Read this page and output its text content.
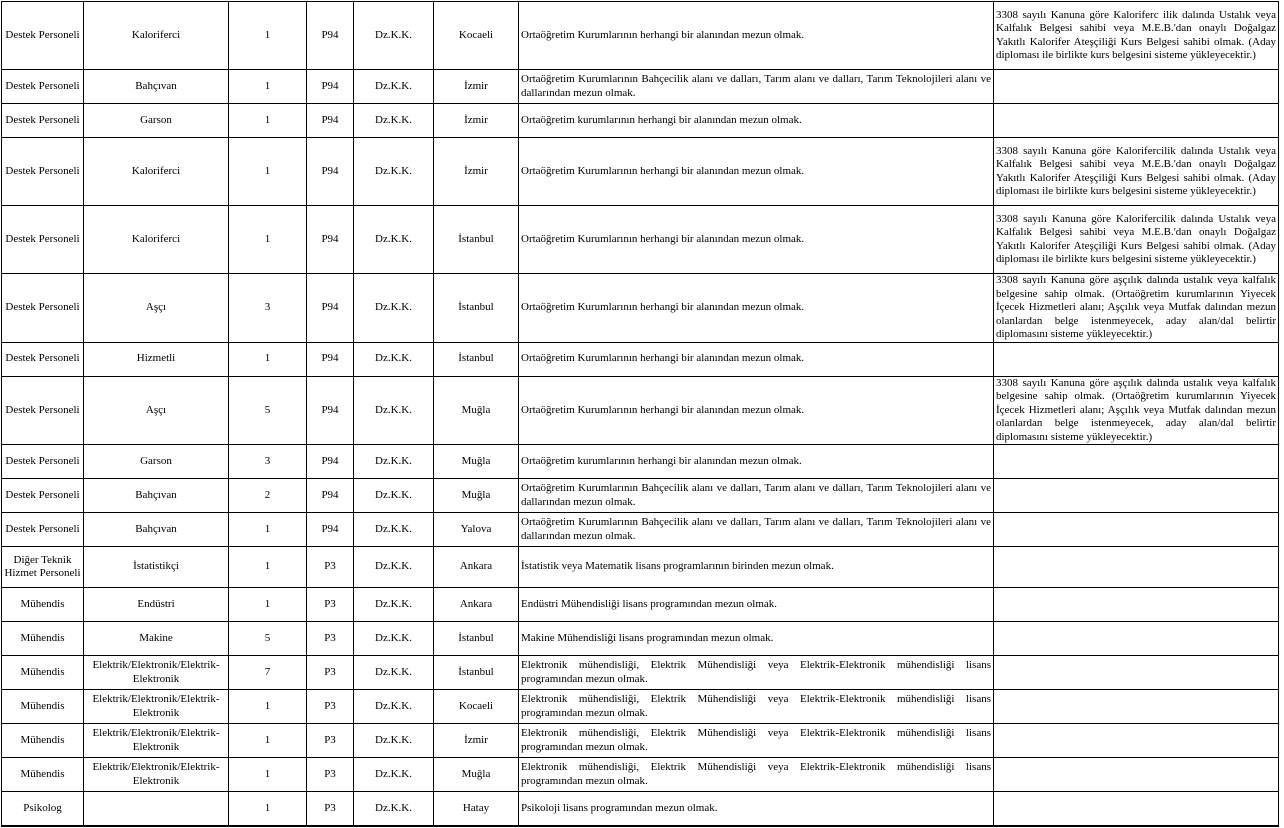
Destek Personeli	Kaloriferci	1	P94	Dz.K.K.	Kocaeli	Ortaöğretim Kurumlarının herhangi bir alanından mezun olmak.	3308 sayılı Kanuna göre Kaloriferc ilik dalında Ustalık veya Kalfalık Belgesi sahibi veya M.E.B.'dan onaylı Doğalgaz Yakıtlı Kalorifer Ateşçiliği Kurs Belgesi sahibi olmak. (Aday diploması ile birlikte kurs belgesini sisteme yükleyecektir.)
Destek Personeli	Bahçıvan	1	P94	Dz.K.K.	İzmir	Ortaöğretim Kurumlarının Bahçecilik alanı ve dalları, Tarım alanı ve dalları, Tarım Teknolojileri alanı ve dallarından mezun olmak.	
Destek Personeli	Garson	1	P94	Dz.K.K.	İzmir	Ortaöğretim kurumlarının herhangi bir alanından mezun olmak.	
Destek Personeli	Kaloriferci	1	P94	Dz.K.K.	İzmir	Ortaöğretim Kurumlarının herhangi bir alanından mezun olmak.	3308 sayılı Kanuna göre Kalorifercilik dalında Ustalık veya Kalfalık Belgesi sahibi veya M.E.B.'dan onaylı Doğalgaz Yakıtlı Kalorifer Ateşçiliği Kurs Belgesi sahibi olmak. (Aday diploması ile birlikte kurs belgesini sisteme yükleyecektir.)
Destek Personeli	Kaloriferci	1	P94	Dz.K.K.	İstanbul	Ortaöğretim Kurumlarının herhangi bir alanından mezun olmak.	3308 sayılı Kanuna göre Kalorifercilik dalında Ustalık veya Kalfalık Belgesi sahibi veya M.E.B.'dan onaylı Doğalgaz Yakıtlı Kalorifer Ateşçiliği Kurs Belgesi sahibi olmak. (Aday diploması ile birlikte kurs belgesini sisteme yükleyecektir.)
Destek Personeli	Aşçı	3	P94	Dz.K.K.	İstanbul	Ortaöğretim Kurumlarının herhangi bir alanından mezun olmak.	3308 sayılı Kanuna göre aşçılık dalında ustalık veya kalfalık belgesine sahip olmak. (Ortaöğretim kurumlarının Yiyecek İçecek Hizmetleri alanı; Aşçılık veya Mutfak dalından mezun olanlardan belge istenmeyecek, aday alan/dal belirtir diplomasını sisteme yükleyecektir.)
Destek Personeli	Hizmetli	1	P94	Dz.K.K.	İstanbul	Ortaöğretim Kurumlarının herhangi bir alanından mezun olmak.	
Destek Personeli	Aşçı	5	P94	Dz.K.K.	Muğla	Ortaöğretim Kurumlarının herhangi bir alanından mezun olmak.	3308 sayılı Kanuna göre aşçılık dalında ustalık veya kalfalık belgesine sahip olmak. (Ortaöğretim kurumlarının Yiyecek İçecek Hizmetleri alanı; Aşçılık veya Mutfak dalından mezun olanlardan belge istenmeyecek, aday alan/dal belirtir diplomasını sisteme yükleyecektir.)
Destek Personeli	Garson	3	P94	Dz.K.K.	Muğla	Ortaöğretim kurumlarının herhangi bir alanından mezun olmak.	
Destek Personeli	Bahçıvan	2	P94	Dz.K.K.	Muğla	Ortaöğretim Kurumlarının Bahçecilik alanı ve dalları, Tarım alanı ve dalları, Tarım Teknolojileri alanı ve dallarından mezun olmak.	
Destek Personeli	Bahçıvan	1	P94	Dz.K.K.	Yalova	Ortaöğretim Kurumlarının Bahçecilik alanı ve dalları, Tarım alanı ve dalları, Tarım Teknolojileri alanı ve dallarından mezun olmak.	
Diğer Teknik Hizmet Personeli	İstatistikçi	1	P3	Dz.K.K.	Ankara	İstatistik veya Matematik lisans programlarının birinden mezun olmak.	
Mühendis	Endüstri	1	P3	Dz.K.K.	Ankara	Endüstri Mühendisliği lisans programından mezun olmak.	
Mühendis	Makine	5	P3	Dz.K.K.	İstanbul	Makine Mühendisliği lisans programından mezun olmak.	
Mühendis	Elektrik/Elektronik/Elektrik-Elektronik	7	P3	Dz.K.K.	İstanbul	Elektronik mühendisliği, Elektrik Mühendisliği veya Elektrik-Elektronik mühendisliği lisans programından mezun olmak.	
Mühendis	Elektrik/Elektronik/Elektrik-Elektronik	1	P3	Dz.K.K.	Kocaeli	Elektronik mühendisliği, Elektrik Mühendisliği veya Elektrik-Elektronik mühendisliği lisans programından mezun olmak.	
Mühendis	Elektrik/Elektronik/Elektrik-Elektronik	1	P3	Dz.K.K.	İzmir	Elektronik mühendisliği, Elektrik Mühendisliği veya Elektrik-Elektronik mühendisliği lisans programından mezun olmak.	
Mühendis	Elektrik/Elektronik/Elektrik-Elektronik	1	P3	Dz.K.K.	Muğla	Elektronik mühendisliği, Elektrik Mühendisliği veya Elektrik-Elektronik mühendisliği lisans programından mezun olmak.	
Psikolog		1	P3	Dz.K.K.	Hatay	Psikoloji lisans programından mezun olmak.	
